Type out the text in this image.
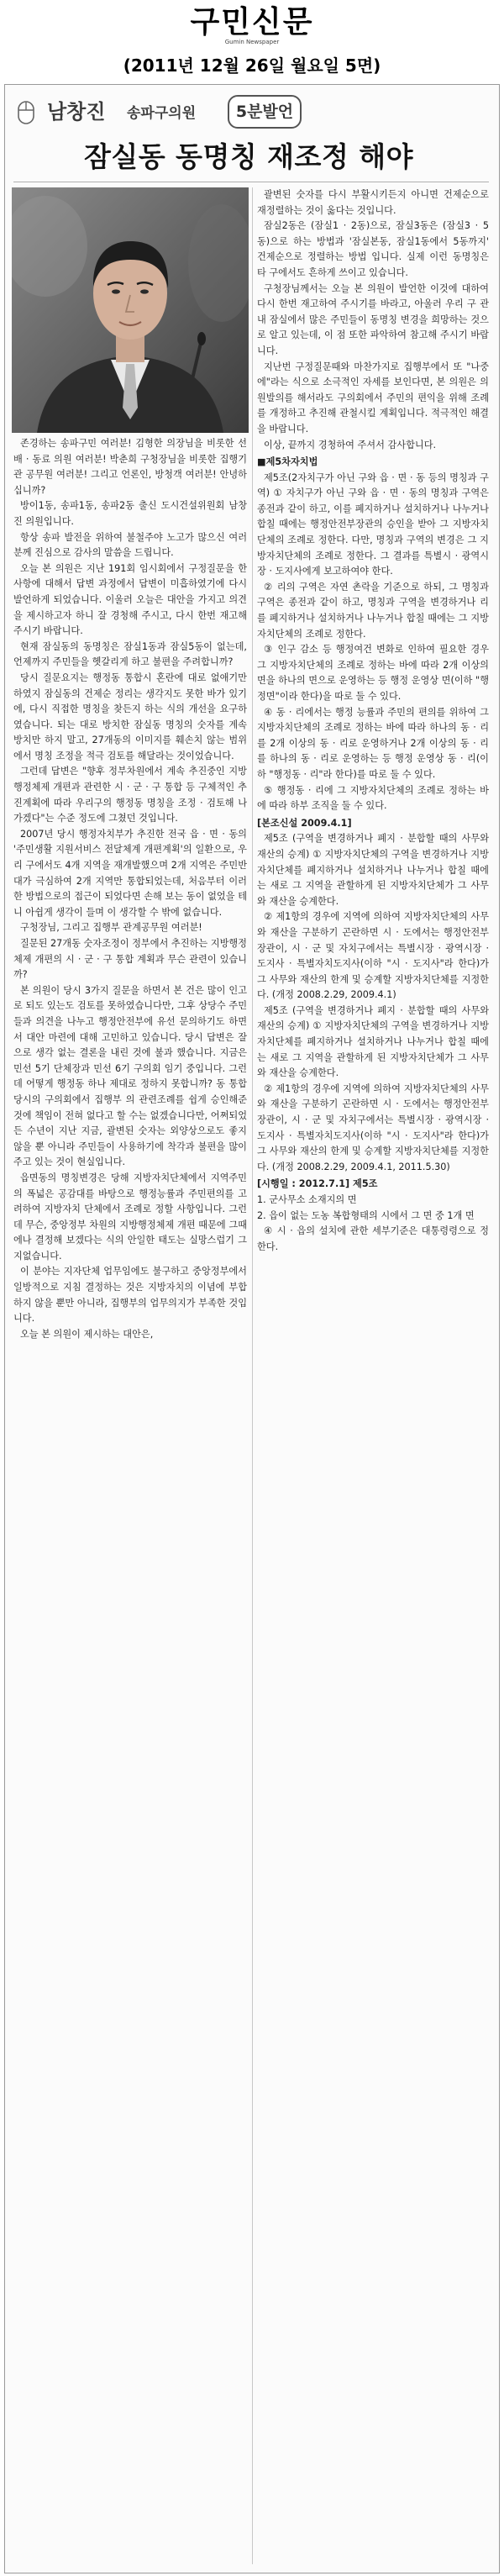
구민신문
Gumin Newspaper
(2011년 12월 26일 월요일 5면)
남창진 송파구의원	5분발언
잠실동 동명칭 재조정 해야

존경하는 송파구민 여러분! 김형한 의장님을 비롯한 선배 · 동료 의원 여러분! 박춘희 구청장님을 비롯한 집행기관 공무원 여러분! 그리고 언론인, 방청객 여러분! 안녕하십니까?

방이1동, 송파1동, 송파2동 출신 도시건설위원회 남창진 의원입니다.

항상 송파 발전을 위하여 불철주야 노고가 많으신 여러분께 진심으로 감사의 말씀을 드립니다.

오늘 본 의원은 지난 191회 임시회에서 구정질문을 한 사항에 대해서 답변 과정에서 답변이 미흡하였기에 다시 발언하게 되었습니다. 이울러 오늘은 대안을 가지고 의견을 제시하고자 하니 잘 경청해 주시고, 다시 한번 재고해 주시기 바랍니다.

현재 잠실동의 동명칭은 잠실1동과 잠실5동이 없는데, 언제까지 주민들을 헷갈리게 하고 불편을 주려합니까?

당시 질문요지는 행정동 통합시 혼란에 대로 없애기만 하였지 잠실동의 건제순 정리는 생각지도 못한 바가 있기에, 다시 직접한 명칭을 찾든지 하는 식의 개선을 요구하였습니다. 되는 대로 방치한 잠실동 명칭의 숫자를 계속 방치만 하지 말고, 27개동의 이미지를 훼손치 않는 범위에서 명칭 조정을 적극 검토를 해달라는 것이었습니다.

그런데 답변은 "향후 정부차원에서 계속 추진중인 지방행정체제 개편과 관련한 시 · 군 · 구 통합 등 구체적인 추진계획에 따라 우리구의 행정동 명칭을 조정 · 검토해 나가겠다"는 수준 정도에 그쳤던 것입니다.

2007년 당시 행정자치부가 추진한 전국 읍 · 면 · 동의 '주민생활 지원서비스 전달체계 개편계획'의 일환으로, 우리 구에서도 4개 지역을 재개발했으며 2개 지역은 주민반대가 극심하여 2개 지역만 통합되었는데, 처음부터 이러한 방법으로의 접근이 되었다면 손해 보는 동이 없었을 테니 아쉽게 생각이 들며 이 생각할 수 밖에 없습니다.

구청장님, 그리고 집행부 관계공무원 여러분!

질문된 27개동 숫자조정이 정부에서 추진하는 지방행정체제 개편의 시 · 군 · 구 통합 계획과 무슨 관련이 있습니까?

본 의원이 당시 3가지 질문을 하면서 본 건은 많이 인고로 되도 있는도 검토를 못하였습니다만, 그후 상당수 주민들과 의견을 나누고 행정안전부에 유선 문의하기도 하면서 대안 마련에 대해 고민하고 있습니다. 당시 답변은 잘 으로 생각 없는 결론을 내린 것에 불과 했습니다. 지금은 민선 5기 단체장과 민선 6기 구의회 임기 중입니다. 그런데 어떻게 행정동 하나 제대로 정하지 못합니까? 동 통합당시의 구의회에서 집행부 의 관련조례를 쉽게 승인해준 것에 책임이 전혀 없다고 할 수는 없겠습니다만, 어쩌되었든 수년이 지난 지금, 괄변된 숫자는 외양상으로도 좋지 않을 뿐 아니라 주민들이 사용하기에 착각과 불편을 많이 주고 있는 것이 현실입니다.

읍면동의 명칭변경은 당해 지방자치단체에서 지역주민의 폭넓은 공감대를 바탕으로 행정능률과 주민편의를 고려하여 지방자치 단체에서 조례로 정할 사항입니다. 그런데 무슨, 중앙정부 차원의 지방행정체제 개편 때문에 그때에나 결정해 보겠다는 식의 안일한 태도는 실망스럽기 그지없습니다.

이 분야는 지자단체 업무임에도 불구하고 중앙정부에서 일방적으로 지침 결정하는 것은 지방자치의 이념에 부합하지 않을 뿐만 아니라, 집행부의 업무의지가 부족한 것입니다.

오늘 본 의원이 제시하는 대안은,

괄변된 숫자를 다시 부활시키든지 아니면 건제순으로 재정렬하는 것이 옳다는 것입니다.

잠실2동은 (잠실1 · 2동)으로, 잠실3동은 (잠실3 · 5동)으로 하는 방법과 '잠실본동, 잠실1동에서 5동까지' 건제순으로 정렬하는 방법 입니다. 실제 이런 동명칭은 타 구에서도 흔하게 쓰이고 있습니다.

구청장님께서는 오늘 본 의원이 발언한 이것에 대하여 다시 한번 재고하여 주시기를 바라고, 아울러 우리 구 관내 잠실에서 많은 주민들이 동명칭 변경을 희망하는 것으로 알고 있는데, 이 점 또한 파악하여 참고해 주시기 바랍니다.

지난번 구정질문때와 마찬가지로 집행부에서 또 "나중에"라는 식으로 소극적인 자세를 보인다면, 본 의원은 의원발의를 해서라도 구의회에서 주민의 편익을 위해 조례를 개정하고 추진해 관철시킬 계획입니다. 적극적인 해결을 바랍니다.

이상, 끝까지 경청하여 주셔서 감사합니다.

■제5차자치법

제5조(2자치구가 아닌 구와 읍 · 면 · 동 등의 명칭과 구역) ① 자치구가 아닌 구와 읍 · 면 · 동의 명칭과 구역은 종전과 같이 하고, 이를 폐지하거나 설치하거나 나누거나 합칠 때에는 행정안전부장관의 승인을 받아 그 지방자치단체의 조례로 정한다. 다만, 명칭과 구역의 변경은 그 지방자치단체의 조례로 정한다. 그 결과를 특별시 · 광역시장 · 도지사에게 보고하여야 한다.

② 리의 구역은 자연 촌락을 기준으로 하되, 그 명칭과 구역은 종전과 같이 하고, 명칭과 구역을 변경하거나 리를 폐지하거나 설치하거나 나누거나 합칠 때에는 그 지방자치단체의 조례로 정한다.

③ 인구 감소 등 행정여건 변화로 인하여 필요한 경우 그 지방자치단체의 조례로 정하는 바에 따라 2개 이상의 면을 하나의 면으로 운영하는 등 행정 운영상 면(이하 "행정면"이라 한다)을 따로 둘 수 있다.

④ 동 · 리에서는 행정 능률과 주민의 편의를 위하여 그 지방자치단체의 조례로 정하는 바에 따라 하나의 동 · 리를 2개 이상의 동 · 리로 운영하거나 2개 이상의 동 · 리를 하나의 동 · 리로 운영하는 등 행정 운영상 동 · 리(이하 "행정동 · 리"라 한다)를 따로 둘 수 있다.

⑤ 행정동 · 리에 그 지방자치단체의 조례로 정하는 바에 따라 하부 조직을 둘 수 있다.

[본조신설 2009.4.1]

제5조 (구역을 변경하거나 폐지 · 분합할 때의 사무와 재산의 승계) ① 지방자치단체의 구역을 변경하거나 지방자치단체를 폐지하거나 설치하거나 나누거나 합칠 때에는 새로 그 지역을 관할하게 된 지방자치단체가 그 사무와 재산을 승계한다.

② 제1항의 경우에 지역에 의하여 지방자치단체의 사무와 재산을 구분하기 곤란하면 시 · 도에서는 행정안전부장관이, 시 · 군 및 자치구에서는 특별시장 · 광역시장 · 도지사 · 특별자치도지사(이하 "시 · 도지사"라 한다)가 그 사무와 재산의 한계 및 승계할 지방자치단체를 지정한다. (개정 2008.2.29, 2009.4.1)

제5조 (구역을 변경하거나 폐지 · 분합할 때의 사무와 재산의 승계) ① 지방자치단체의 구역을 변경하거나 지방자치단체를 폐지하거나 설치하거나 나누거나 합칠 때에는 새로 그 지역을 관할하게 된 지방자치단체가 그 사무와 재산을 승계한다.

② 제1항의 경우에 지역에 의하여 지방자치단체의 사무와 재산을 구분하기 곤란하면 시 · 도에서는 행정안전부장관이, 시 · 군 및 자치구에서는 특별시장 · 광역시장 · 도지사 · 특별자치도지사(이하 "시 · 도지사"라 한다)가 그 사무와 재산의 한계 및 승계할 지방자치단체를 지정한다. (개정 2008.2.29, 2009.4.1, 2011.5.30)

[시행일 : 2012.7.1] 제5조

1. 군사무소 소재지의 면

2. 읍이 없는 도농 복합형태의 시에서 그 면 중 1개 면

④ 시 · 읍의 설치에 관한 세부기준은 대통령령으로 정한다.
